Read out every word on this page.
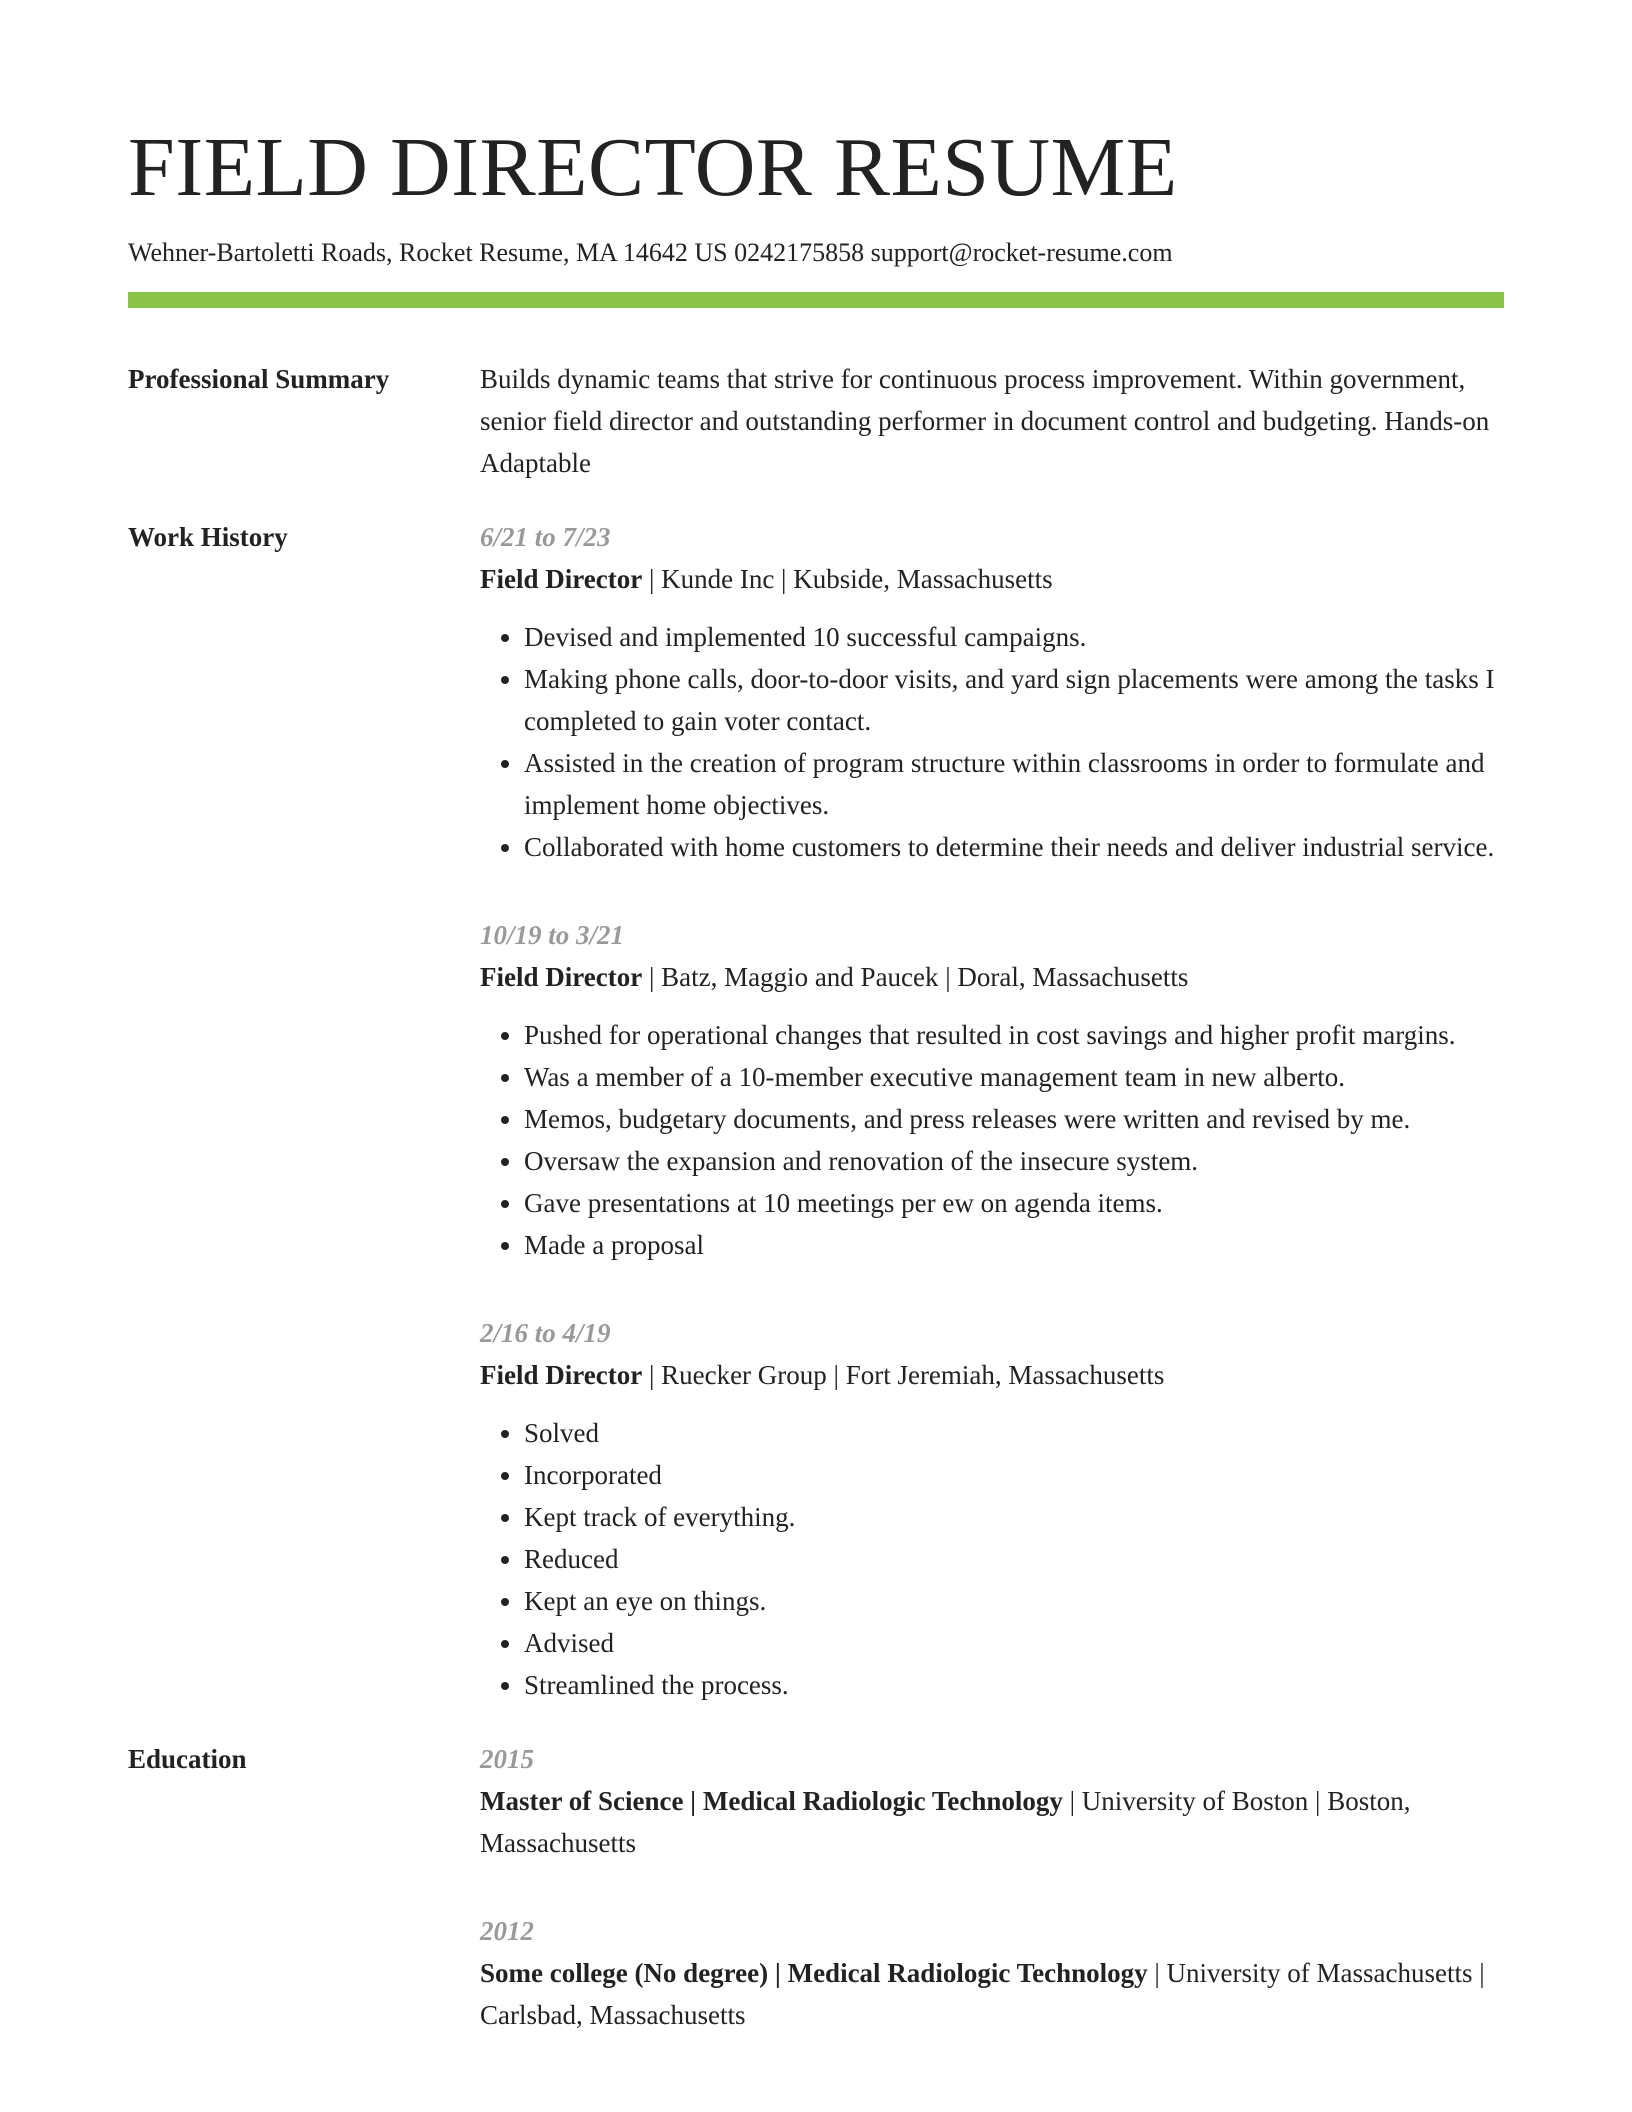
FIELD DIRECTOR RESUME
Wehner-Bartoletti Roads, Rocket Resume, MA 14642 US 0242175858 support@rocket-resume.com
Professional Summary	Builds dynamic teams that strive for continuous process improvement. Within government, senior field director and outstanding performer in document control and budgeting. Hands-on Adaptable
Work History	6/21 to 7/23
Field Director | Kunde Inc | Kubside, Massachusetts
• Devised and implemented 10 successful campaigns.
• Making phone calls, door-to-door visits, and yard sign placements were among the tasks I completed to gain voter contact.
• Assisted in the creation of program structure within classrooms in order to formulate and implement home objectives.
• Collaborated with home customers to determine their needs and deliver industrial service.
10/19 to 3/21
Field Director | Batz, Maggio and Paucek | Doral, Massachusetts
• Pushed for operational changes that resulted in cost savings and higher profit margins.
• Was a member of a 10-member executive management team in new alberto.
• Memos, budgetary documents, and press releases were written and revised by me.
• Oversaw the expansion and renovation of the insecure system.
• Gave presentations at 10 meetings per ew on agenda items.
• Made a proposal
2/16 to 4/19
Field Director | Ruecker Group | Fort Jeremiah, Massachusetts
• Solved
• Incorporated
• Kept track of everything.
• Reduced
• Kept an eye on things.
• Advised
• Streamlined the process.
Education	2015
Master of Science | Medical Radiologic Technology | University of Boston | Boston, Massachusetts
2012
Some college (No degree) | Medical Radiologic Technology | University of Massachusetts | Carlsbad, Massachusetts
